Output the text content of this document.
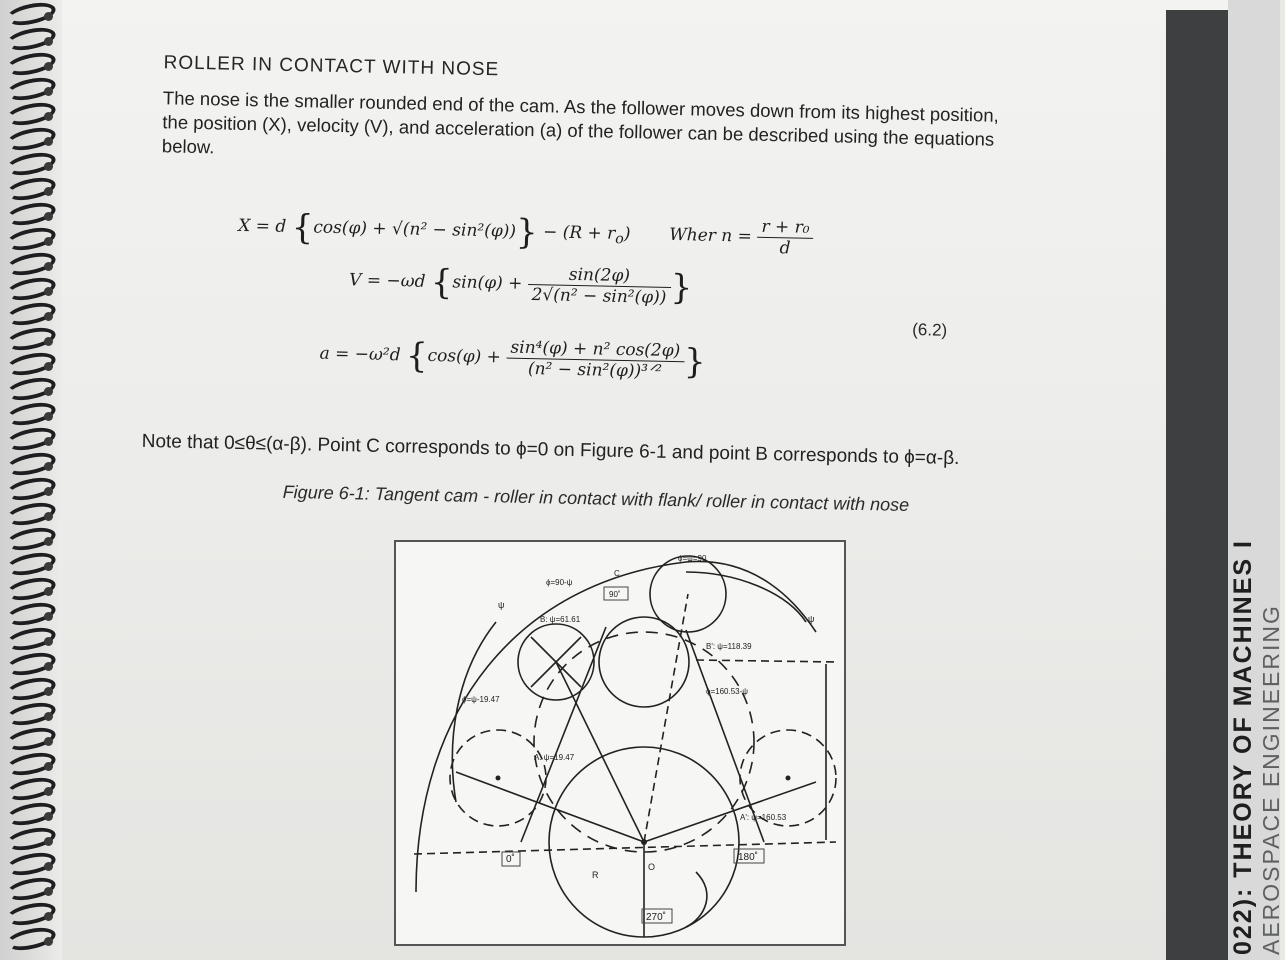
022): THEORY OF MACHINES I AEROSPACE ENGINEERING
ROLLER IN CONTACT WITH NOSE
The nose is the smaller rounded end of the cam. As the follower moves down from its highest position, the position (X), velocity (V), and acceleration (a) of the follower can be described using the equations below.
X = d $\{\cos(\varphi) + √(n^2 - \sin^2(\varphi))\} - (R + r_o)$ Wher $n = \frac{\text{r + r₀}}{d}$
V = −ωd {$\sin(\varphi) + \frac{\sin(2\varphi)}{\text{2√(n² − sin²(φ))}}$ }
a = −ω²d {$\cos(\varphi) + \frac{\text{sin⁴(φ) + n² cos(2φ)}}{\text{(n² − sin²(φ))³ᐟ²}}$ }
(6.2)
Note that 0≤θ≤(α-β). Point C corresponds to ϕ=0 on Figure 6-1 and point B corresponds to ϕ=α-β.
Figure 6-1: Tangent cam - roller in contact with flank/ roller in contact with nose
ϕ=ψ=90
ϕ=90-ψ
C
90˚
B: ψ=61.61
B': ψ=118.39
ϕ=ψ-19.47
ϕ=160.53-ψ
A: ψ=19.47
A': ψ=160.53
0˚	180˚
270˚
ψ
ψ
R
O
